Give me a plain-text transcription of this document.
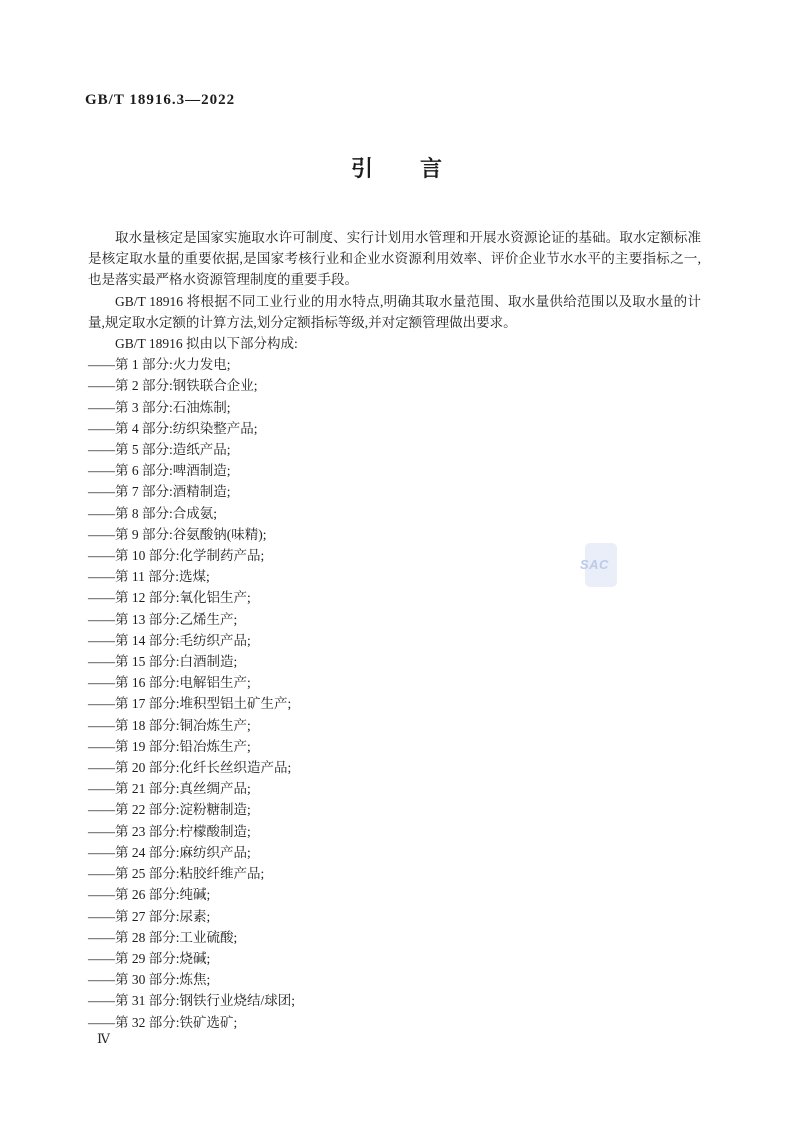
GB/T 18916.3—2022
引　　言
SAC

取水量核定是国家实施取水许可制度、实行计划用水管理和开展水资源论证的基础。取水定额标准是核定取水量的重要依据,是国家考核行业和企业水资源利用效率、评价企业节水水平的主要指标之一,也是落实最严格水资源管理制度的重要手段。

GB/T 18916 将根据不同工业行业的用水特点,明确其取水量范围、取水量供给范围以及取水量的计量,规定取水定额的计算方法,划分定额指标等级,并对定额管理做出要求。

GB/T 18916 拟由以下部分构成:

——第 1 部分:火力发电;

——第 2 部分:钢铁联合企业;

——第 3 部分:石油炼制;

——第 4 部分:纺织染整产品;

——第 5 部分:造纸产品;

——第 6 部分:啤酒制造;

——第 7 部分:酒精制造;

——第 8 部分:合成氨;

——第 9 部分:谷氨酸钠(味精);

——第 10 部分:化学制药产品;

——第 11 部分:选煤;

——第 12 部分:氧化铝生产;

——第 13 部分:乙烯生产;

——第 14 部分:毛纺织产品;

——第 15 部分:白酒制造;

——第 16 部分:电解铝生产;

——第 17 部分:堆积型铝土矿生产;

——第 18 部分:铜冶炼生产;

——第 19 部分:铅冶炼生产;

——第 20 部分:化纤长丝织造产品;

——第 21 部分:真丝绸产品;

——第 22 部分:淀粉糖制造;

——第 23 部分:柠檬酸制造;

——第 24 部分:麻纺织产品;

——第 25 部分:粘胶纤维产品;

——第 26 部分:纯碱;

——第 27 部分:尿素;

——第 28 部分:工业硫酸;

——第 29 部分:烧碱;

——第 30 部分:炼焦;

——第 31 部分:钢铁行业烧结/球团;

——第 32 部分:铁矿选矿;

Ⅳ
